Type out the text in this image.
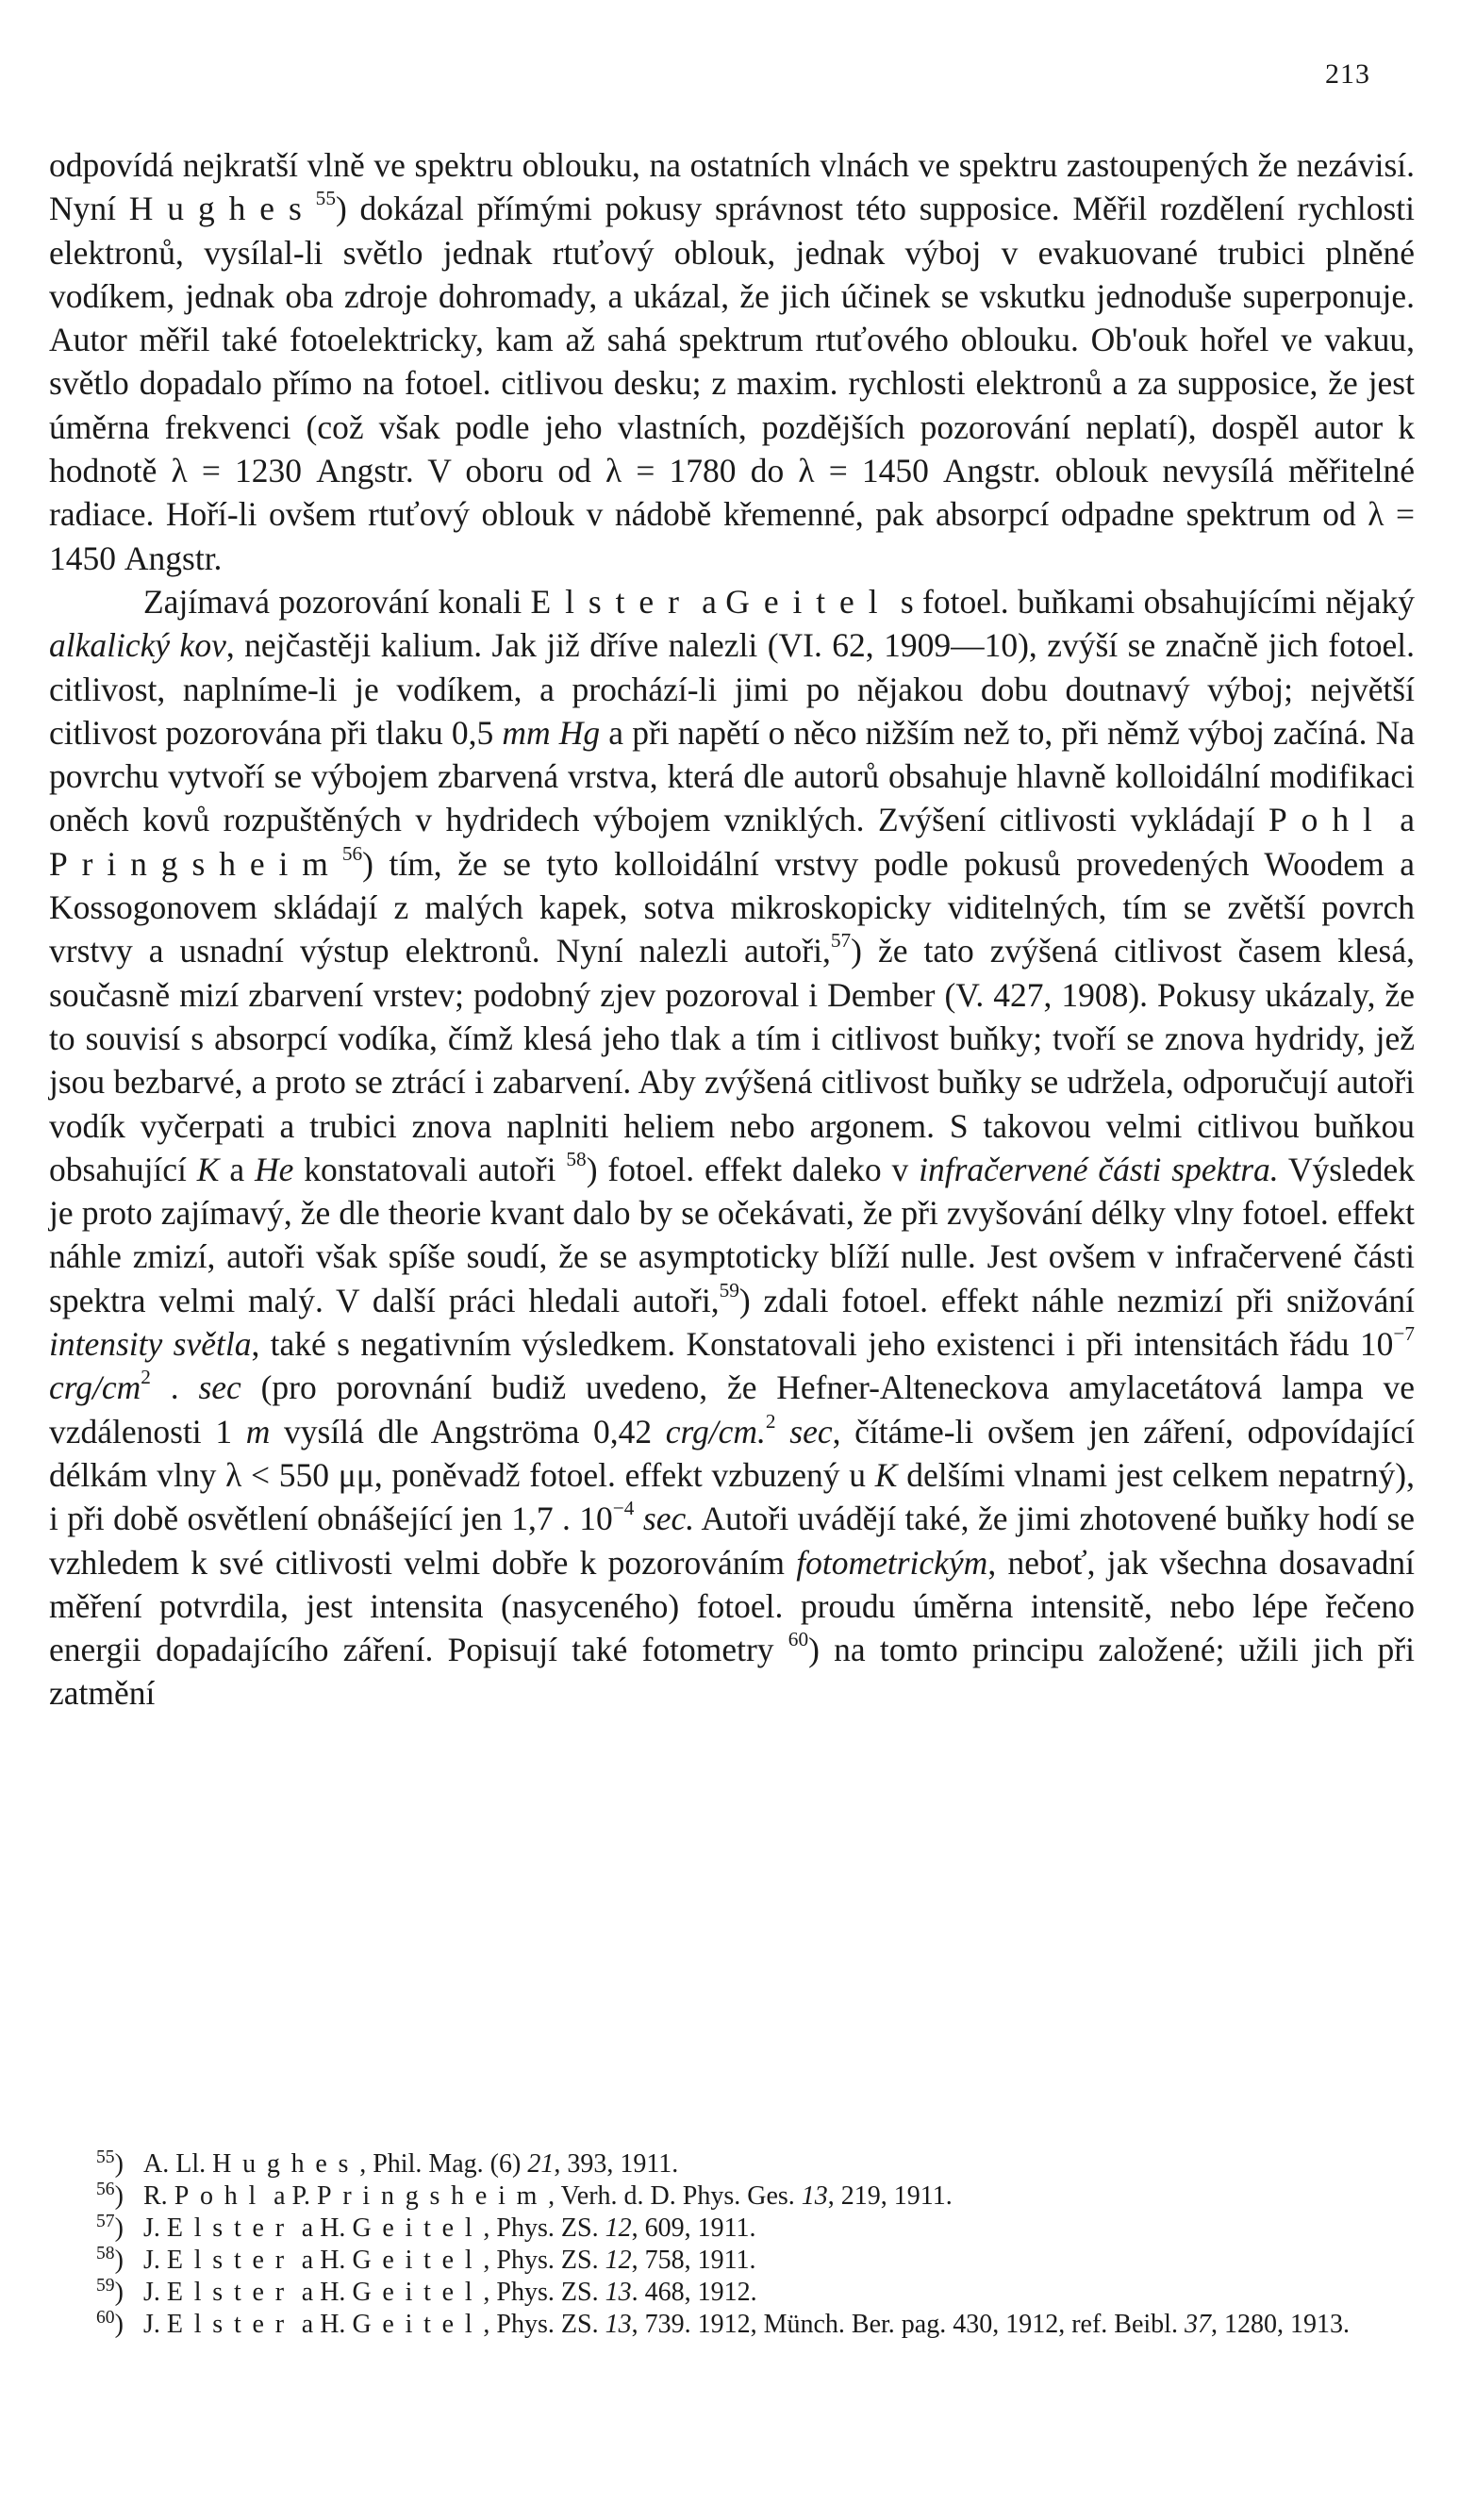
213

odpovídá nejkratší vlně ve spektru oblouku, na ostatních vlnách ve spektru zastoupených že nezávisí. Nyní Hughes$^{55}$) dokázal přímými pokusy správnost této supposice. Měřil rozdělení rychlosti elektronů, vysílal-li světlo jednak rtuťový oblouk, jednak výboj v evakuované trubici plněné vodíkem, jednak oba zdroje dohromady, a ukázal, že jich účinek se vskutku jednoduše superponuje. Autor měřil také fotoelektricky, kam až sahá spektrum rtuťového oblouku. Ob'ouk hořel ve vakuu, světlo dopadalo přímo na fotoel. citlivou desku; z maxim. rychlosti elektronů a za supposice, že jest úměrna frekvenci (což však podle jeho vlastních, pozdějších pozorování neplatí), dospěl autor k hodnotě λ = 1230 Angstr. V oboru od λ = 1780 do λ = 1450 Angstr. oblouk nevysílá měřitelné radiace. Hoří-li ovšem rtuťový oblouk v nádobě křemenné, pak absorpcí odpadne spektrum od λ = 1450 Angstr.

Zajímavá pozorování konali Elster a Geitel s fotoel. buňkami obsahujícími nějaký alkalický kov, nejčastěji kalium. Jak již dříve nalezli (VI. 62, 1909—10), zvýší se značně jich fotoel. citlivost, naplníme-li je vodíkem, a prochází-li jimi po nějakou dobu doutnavý výboj; největší citlivost pozorována při tlaku 0,5 mm Hg a při napětí o něco nižším než to, při němž výboj začíná. Na povrchu vytvoří se výbojem zbarvená vrstva, která dle autorů obsahuje hlavně kolloidální modifikaci oněch kovů rozpuštěných v hydridech výbojem vzniklých. Zvýšení citlivosti vykládají Pohl a Pringsheim$^{56}$) tím, že se tyto kolloidální vrstvy podle pokusů provedených Woodem a Kossogonovem skládají z malých kapek, sotva mikroskopicky viditelných, tím se zvětší povrch vrstvy a usnadní výstup elektronů. Nyní nalezli autoři,$^{57}$) že tato zvýšená citlivost časem klesá, současně mizí zbarvení vrstev; podobný zjev pozoroval i Dember (V. 427, 1908). Pokusy ukázaly, že to souvisí s absorpcí vodíka, čímž klesá jeho tlak a tím i citlivost buňky; tvoří se znova hydridy, jež jsou bezbarvé, a proto se ztrácí i zabarvení. Aby zvýšená citlivost buňky se udržela, odporučují autoři vodík vyčerpati a trubici znova naplniti heliem nebo argonem. S takovou velmi citlivou buňkou obsahující K a He konstatovali autoři $^{58}$) fotoel. effekt daleko v infračervené části spektra. Výsledek je proto zajímavý, že dle theorie kvant dalo by se očekávati, že při zvyšování délky vlny fotoel. effekt náhle zmizí, autoři však spíše soudí, že se asymptoticky blíží nulle. Jest ovšem v infračervené části spektra velmi malý. V další práci hledali autoři,$^{59}$) zdali fotoel. effekt náhle nezmizí při snižování intensity světla, také s negativním výsledkem. Konstatovali jeho existenci i při intensitách řádu $10^{-7}$ crg/$cm^2$ . sec (pro porovnání budiž uvedeno, že Hefner-Alteneckova amylacetátová lampa ve vzdálenosti 1 m vysílá dle Angströma 0,42 crg/cm.$^2$ sec, čítáme-li ovšem jen záření, odpovídající délkám vlny λ < 550 μμ, poněvadž fotoel. effekt vzbuzený u K delšími vlnami jest celkem nepatrný), i při době osvětlení obnášející jen 1,7 . $10^{-4}$ sec. Autoři uvádějí také, že jimi zhotovené buňky hodí se vzhledem k své citlivosti velmi dobře k pozorováním fotometrickým, neboť, jak všechna dosavadní měření potvrdila, jest intensita (nasyceného) fotoel. proudu úměrna intensitě, nebo lépe řečeno energii dopadajícího záření. Popisují také fotometry $^{60}$) na tomto principu založené; užili jich při zatmění

$^{55}$) A. Ll. Hughes, Phil. Mag. (6) 21, 393, 1911.

$^{56}$) R. Pohl a P. Pringsheim, Verh. d. D. Phys. Ges. 13, 219, 1911.

$^{57}$) J. Elster a H. Geitel, Phys. ZS. 12, 609, 1911.

$^{58}$) J. Elster a H. Geitel, Phys. ZS. 12, 758, 1911.

$^{59}$) J. Elster a H. Geitel, Phys. ZS. 13. 468, 1912.

$^{60}$) J. Elster a H. Geitel, Phys. ZS. 13, 739. 1912, Münch. Ber. pag. 430, 1912, ref. Beibl. 37, 1280, 1913.
